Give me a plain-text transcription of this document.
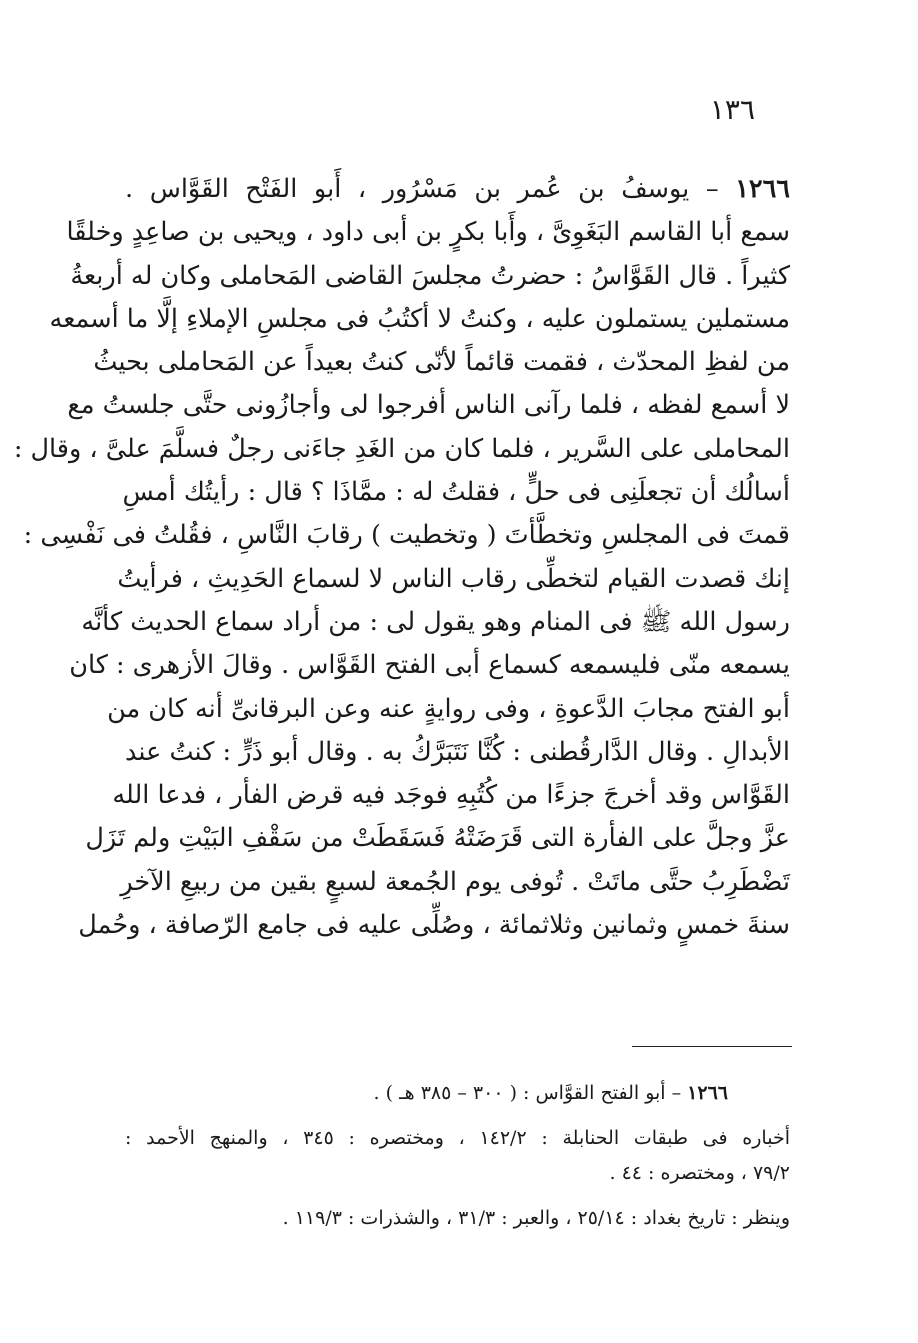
١٣٦
١٢٦٦ – يوسفُ بن عُمر بن مَسْرُور ، أَبو الفَتْح القَوَّاس .
سمع أبا القاسم البَغَوِىَّ ، وأَبا بكرٍ بن أبى داود ، ويحيى بن صاعِدٍ وخلقًا
كثيراً . قال القَوَّاسُ : حضرتُ مجلسَ القاضى المَحاملى وكان له أربعةُ
مستملين يستملون عليه ، وكنتُ لا أكتُبُ فى مجلسِ الإملاءِ إلَّا ما أسمعه
من لفظِ المحدّث ، فقمت قائماً لأنّى كنتُ بعيداً عن المَحاملى بحيثُ
لا أسمع لفظه ، فلما رآنى الناس أفرجوا لى وأجازُونى حتَّى جلستُ مع
المحاملى على السَّرير ، فلما كان من الغَدِ جاءَنى رجلٌ فسلَّمَ علىَّ ، وقال :
أسالُك أن تجعلَنِى فى حلٍّ ، فقلتُ له : ممَّاذَا ؟ قال : رأيتُك أمسِ
قمتَ فى المجلسِ وتخطَّأتَ ( وتخطيت ) رقابَ النَّاسِ ، فقُلتُ فى نَفْسِى :
إنك قصدت القيام لتخطِّى رقاب الناس لا لسماع الحَدِيثِ ، فرأيتُ
رسول الله ﷺ فى المنام وهو يقول لى : من أراد سماع الحديث كأنَّه
يسمعه منّى فليسمعه كسماع أبى الفتح القَوَّاس . وقالَ الأزهرى : كان
أبو الفتح مجابَ الدَّعوةِ ، وفى روايةٍ عنه وعن البرقانىِّ أنه كان من
الأبدالِ . وقال الدَّارقُطنى : كُنَّا نَتَبَرَّكُ به . وقال أبو ذَرٍّ : كنتُ عند
القَوَّاس وقد أخرجَ جزءًا من كُتُبِهِ فوجَد فيه قرض الفأر ، فدعا الله
عزَّ وجلَّ على الفأرة التى قَرَضَتْهُ فَسَقَطَتْ من سَقْفِ البَيْتِ ولم تَزَل
تَضْطَرِبُ حتَّى ماتَتْ . تُوفى يوم الجُمعة لسبعٍ بقين من ربيعِ الآخرِ
سنةَ خمسٍ وثمانين وثلاثمائة ، وصُلِّى عليه فى جامع الرّصافة ، وحُمل
١٢٦٦ – أبو الفتح القوَّاس : ( ٣٠٠ – ٣٨٥ هـ ) .
أخباره فى طبقات الحنابلة : ١٤٢/٢ ، ومختصره : ٣٤٥ ، والمنهج الأحمد :
٧٩/٢ ، ومختصره : ٤٤ .
وينظر : تاريخ بغداد : ٢٥/١٤ ، والعبر : ٣١/٣ ، والشذرات : ١١٩/٣ .
